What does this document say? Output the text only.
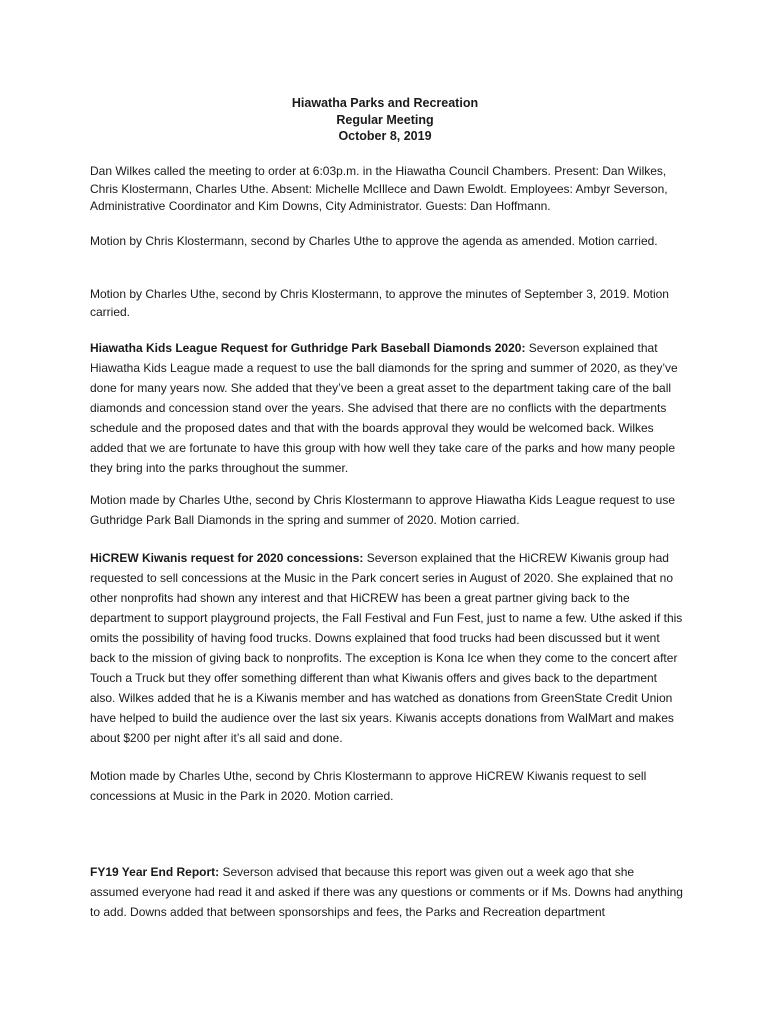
Hiawatha Parks and Recreation
Regular Meeting
October 8, 2019

Dan Wilkes called the meeting to order at 6:03p.m. in the Hiawatha Council Chambers. Present: Dan Wilkes, Chris Klostermann, Charles Uthe. Absent: Michelle McIllece and Dawn Ewoldt. Employees: Ambyr Severson, Administrative Coordinator and Kim Downs, City Administrator. Guests: Dan Hoffmann.

Motion by Chris Klostermann, second by Charles Uthe to approve the agenda as amended. Motion carried.

Motion by Charles Uthe, second by Chris Klostermann, to approve the minutes of September 3, 2019. Motion carried.

Hiawatha Kids League Request for Guthridge Park Baseball Diamonds 2020: Severson explained that Hiawatha Kids League made a request to use the ball diamonds for the spring and summer of 2020, as they’ve done for many years now. She added that they’ve been a great asset to the department taking care of the ball diamonds and concession stand over the years. She advised that there are no conflicts with the departments schedule and the proposed dates and that with the boards approval they would be welcomed back. Wilkes added that we are fortunate to have this group with how well they take care of the parks and how many people they bring into the parks throughout the summer.

Motion made by Charles Uthe, second by Chris Klostermann to approve Hiawatha Kids League request to use Guthridge Park Ball Diamonds in the spring and summer of 2020. Motion carried.

HiCREW Kiwanis request for 2020 concessions: Severson explained that the HiCREW Kiwanis group had requested to sell concessions at the Music in the Park concert series in August of 2020. She explained that no other nonprofits had shown any interest and that HiCREW has been a great partner giving back to the department to support playground projects, the Fall Festival and Fun Fest, just to name a few. Uthe asked if this omits the possibility of having food trucks. Downs explained that food trucks had been discussed but it went back to the mission of giving back to nonprofits. The exception is Kona Ice when they come to the concert after Touch a Truck but they offer something different than what Kiwanis offers and gives back to the department also. Wilkes added that he is a Kiwanis member and has watched as donations from GreenState Credit Union have helped to build the audience over the last six years. Kiwanis accepts donations from WalMart and makes about $200 per night after it’s all said and done.

Motion made by Charles Uthe, second by Chris Klostermann to approve HiCREW Kiwanis request to sell concessions at Music in the Park in 2020. Motion carried.

FY19 Year End Report: Severson advised that because this report was given out a week ago that she assumed everyone had read it and asked if there was any questions or comments or if Ms. Downs had anything to add. Downs added that between sponsorships and fees, the Parks and Recreation department
